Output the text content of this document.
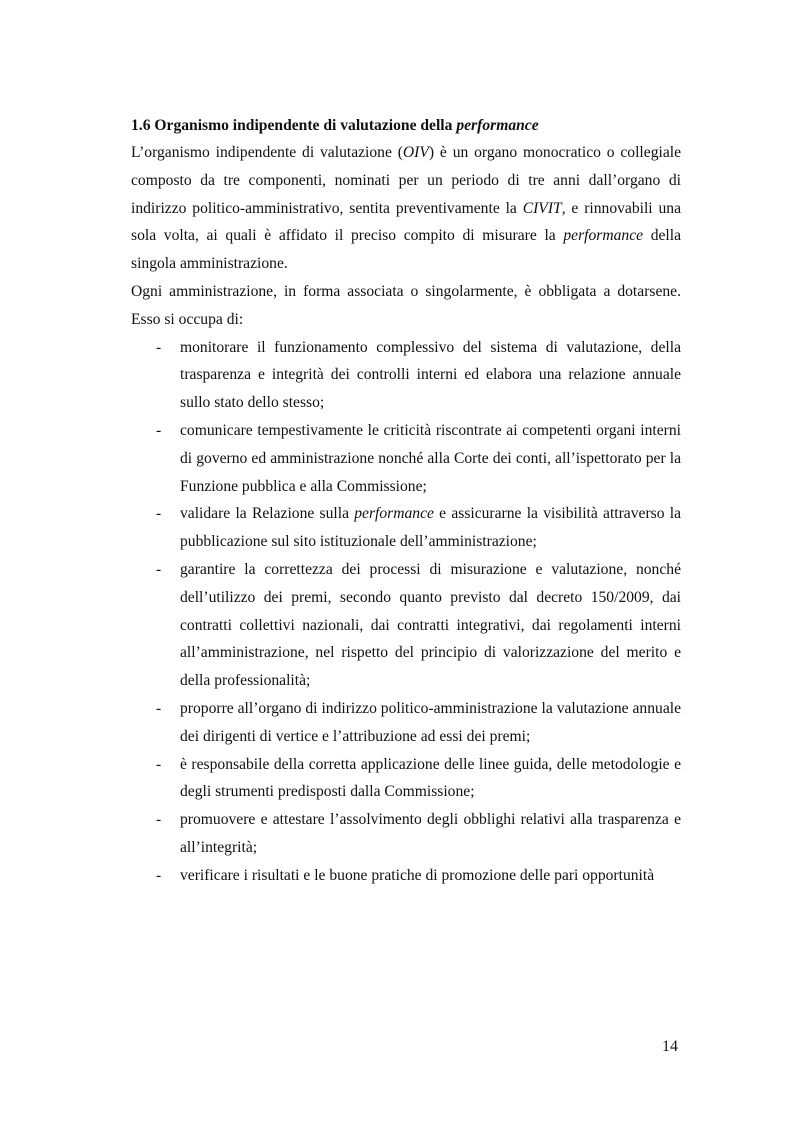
1.6 Organismo indipendente di valutazione della performance

L’organismo indipendente di valutazione (OIV) è un organo monocratico o collegiale composto da tre componenti, nominati per un periodo di tre anni dall’organo di indirizzo politico-amministrativo, sentita preventivamente la CIVIT, e rinnovabili una sola volta, ai quali è affidato il preciso compito di misurare la performance della singola amministrazione.

Ogni amministrazione, in forma associata o singolarmente, è obbligata a dotarsene. Esso si occupa di:

- monitorare il funzionamento complessivo del sistema di valutazione, della trasparenza e integrità dei controlli interni ed elabora una relazione annuale sullo stato dello stesso;
- comunicare tempestivamente le criticità riscontrate ai competenti organi interni di governo ed amministrazione nonché alla Corte dei conti, all’ispettorato per la Funzione pubblica e alla Commissione;
- validare la Relazione sulla performance e assicurarne la visibilità attraverso la pubblicazione sul sito istituzionale dell’amministrazione;
- garantire la correttezza dei processi di misurazione e valutazione, nonché dell’utilizzo dei premi, secondo quanto previsto dal decreto 150/2009, dai contratti collettivi nazionali, dai contratti integrativi, dai regolamenti interni all’amministrazione, nel rispetto del principio di valorizzazione del merito e della professionalità;
- proporre all’organo di indirizzo politico-amministrazione la valutazione annuale dei dirigenti di vertice e l’attribuzione ad essi dei premi;
- è responsabile della corretta applicazione delle linee guida, delle metodologie e degli strumenti predisposti dalla Commissione;
- promuovere e attestare l’assolvimento degli obblighi relativi alla trasparenza e all’integrità;
- verificare i risultati e le buone pratiche di promozione delle pari opportunità
14
